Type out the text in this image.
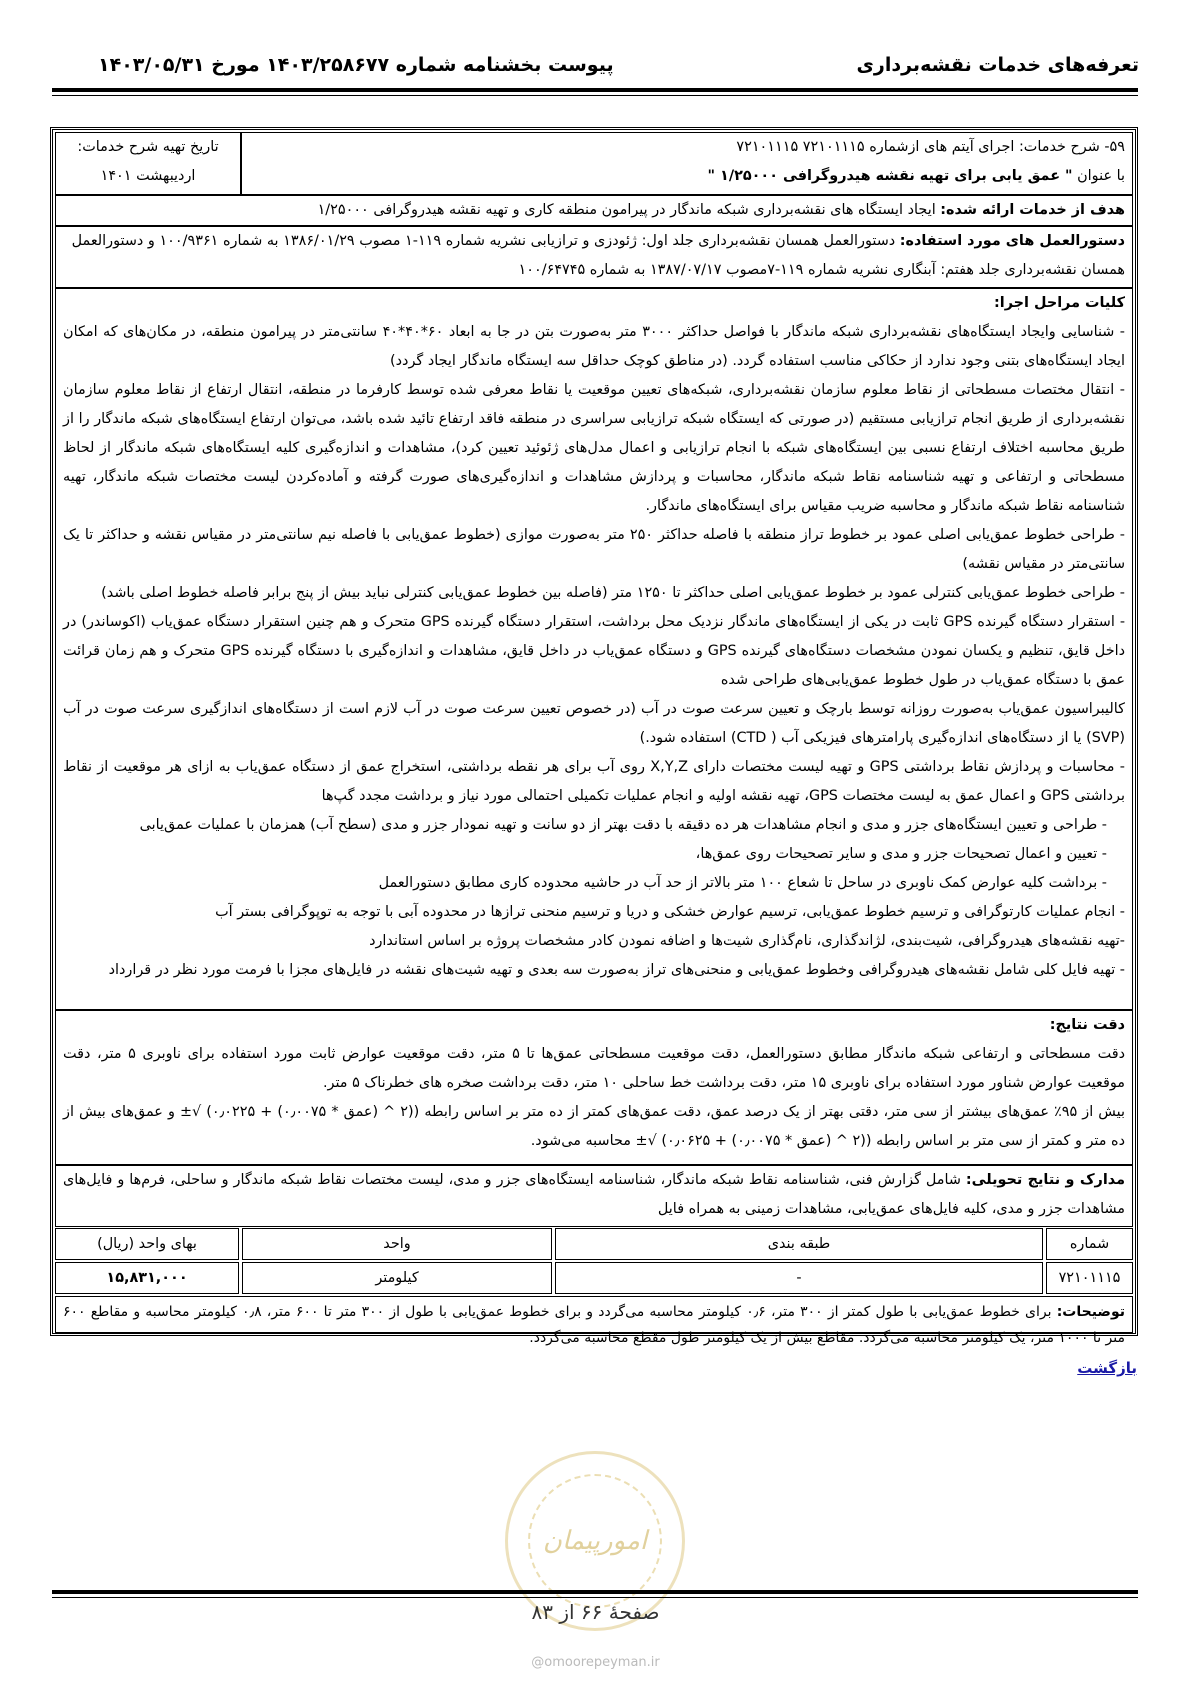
تعرفه‌های خدمات نقشه‌برداری
پیوست بخشنامه شماره ۱۴۰۳/۲۵۸۶۷۷ مورخ ۱۴۰۳/۰۵/۳۱
۵۹- شرح خدمات: اجرای آیتم های ازشماره ۷۲۱۰۱۱۱۵ ۷۲۱۰۱۱۱۵
با عنوان " عمق یابی برای تهیه نقشه هیدروگرافی ۱/۲۵۰۰۰ "
تاریخ تهیه شرح خدمات:
اردیبهشت ۱۴۰۱
هدف از خدمات ارائه شده: ایجاد ایستگاه های نقشه‌برداری شبکه ماندگار در پیرامون منطقه کاری و تهیه نقشه هیدروگرافی ۱/۲۵۰۰۰
دستورالعمل های مورد استفاده: دستورالعمل همسان نقشه‌برداری جلد اول: ژئودزی و ترازیابی نشریه شماره ۱۱۹-۱ مصوب ۱۳۸۶/۰۱/۲۹ به شماره ۱۰۰/۹۳۶۱ و دستورالعمل همسان نقشه‌برداری جلد هفتم: آبنگاری نشریه شماره ۱۱۹-۷مصوب ۱۳۸۷/۰۷/۱۷ به شماره ۱۰۰/۶۴۷۴۵
کلیات مراحل اجرا:
- شناسایی وایجاد ایستگاه‌های نقشه‌برداری شبکه ماندگار با فواصل حداکثر ۳۰۰۰ متر به‌صورت بتن در جا به ابعاد ۶۰*۴۰*۴۰ سانتی‌متر در پیرامون منطقه، در مکان‌های که امکان ایجاد ایستگاه‌های بتنی وجود ندارد از حکاکی مناسب استفاده گردد. (در مناطق کوچک حداقل سه ایستگاه ماندگار ایجاد گردد)
- انتقال مختصات مسطحاتی از نقاط معلوم سازمان نقشه‌برداری، شبکه‌های تعیین موقعیت یا نقاط معرفی شده توسط کارفرما در منطقه، انتقال ارتفاع از نقاط معلوم سازمان نقشه‌برداری از طریق انجام ترازیابی مستقیم (در صورتی که ایستگاه شبکه ترازیابی سراسری در منطقه فاقد ارتفاع تائید شده باشد، می‌توان ارتفاع ایستگاه‌های شبکه ماندگار را از طریق محاسبه اختلاف ارتفاع نسبی بین ایستگاه‌های شبکه با انجام ترازیابی و اعمال مدل‌های ژئوئید تعیین کرد)، مشاهدات و اندازه‌گیری کلیه ایستگاه‌های شبکه ماندگار از لحاظ مسطحاتی و ارتفاعی و تهیه شناسنامه نقاط شبکه ماندگار، محاسبات و پردازش مشاهدات و اندازه‌گیری‌های صورت گرفته و آماده‌کردن لیست مختصات شبکه ماندگار، تهیه شناسنامه نقاط شبکه ماندگار و محاسبه ضریب مقیاس برای ایستگاه‌های ماندگار.
- طراحی خطوط عمق‌یابی اصلی عمود بر خطوط تراز منطقه با فاصله حداکثر ۲۵۰ متر به‌صورت موازی (خطوط عمق‌یابی با فاصله نیم سانتی‌متر در مقیاس نقشه و حداکثر تا یک سانتی‌متر در مقیاس نقشه)
- طراحی خطوط عمق‌یابی کنترلی عمود بر خطوط عمق‌یابی اصلی حداکثر تا ۱۲۵۰ متر (فاصله بین خطوط عمق‌یابی کنترلی نباید بیش از پنج برابر فاصله خطوط اصلی باشد)
- استقرار دستگاه گیرنده GPS ثابت در یکی از ایستگاه‌های ماندگار نزدیک محل برداشت، استقرار دستگاه گیرنده GPS متحرک و هم چنین استقرار دستگاه عمق‌یاب (اکوساندر) در داخل قایق، تنظیم و یکسان نمودن مشخصات دستگاه‌های گیرنده GPS و دستگاه عمق‌یاب در داخل قایق، مشاهدات و اندازه‌گیری با دستگاه گیرنده GPS متحرک و هم زمان قرائت عمق با دستگاه عمق‌یاب در طول خطوط عمق‌یابی‌های طراحی شده
کالیبراسیون عمق‌یاب به‌صورت روزانه توسط بارچک و تعیین سرعت صوت در آب (در خصوص تعیین سرعت صوت در آب لازم است از دستگاه‌های اندازگیری سرعت صوت در آب (SVP) یا از دستگاه‌های اندازه‌گیری پارامترهای فیزیکی آب ( CTD) استفاده شود.)
- محاسبات و پردازش نقاط برداشتی GPS و تهیه لیست مختصات دارای X,Y,Z روی آب برای هر نقطه برداشتی، استخراج عمق از دستگاه عمق‌یاب به ازای هر موقعیت از نقاط برداشتی GPS و اعمال عمق به لیست مختصات GPS، تهیه نقشه اولیه و انجام عملیات تکمیلی احتمالی مورد نیاز و برداشت مجدد گپ‌ها
- طراحی و تعیین ایستگاه‌های جزر و مدی و انجام مشاهدات هر ده دقیقه با دقت بهتر از دو سانت و تهیه نمودار جزر و مدی (سطح آب) همزمان با عملیات عمق‌یابی
- تعیین و اعمال تصحیحات جزر و مدی و سایر تصحیحات روی عمق‌ها،
- برداشت کلیه عوارض کمک ناوبری در ساحل تا شعاع ۱۰۰ متر بالاتر از حد آب در حاشیه محدوده کاری مطابق دستورالعمل
- انجام عملیات کارتوگرافی و ترسیم خطوط عمق‌یابی، ترسیم عوارض خشکی و دریا و ترسیم منحنی ترازها در محدوده آبی با توجه به توپوگرافی بستر آب
-تهیه نقشه‌های هیدروگرافی، شیت‌بندی، لژاندگذاری، نام‌گذاری شیت‌ها و اضافه نمودن کادر مشخصات پروژه بر اساس استاندارد
- تهیه فایل کلی شامل نقشه‌های هیدروگرافی وخطوط عمق‌یابی و منحنی‌های تراز به‌صورت سه بعدی و تهیه شیت‌های نقشه در فایل‌های مجزا با فرمت مورد نظر در قرارداد
دقت نتایج:
دقت مسطحاتی و ارتفاعی شبکه ماندگار مطابق دستورالعمل، دقت موقعیت مسطحاتی عمق‌ها تا ۵ متر، دقت موقعیت عوارض ثابت مورد استفاده برای ناوبری ۵ متر، دقت موقعیت عوارض شناور مورد استفاده برای ناوبری ۱۵ متر، دقت برداشت خط ساحلی ۱۰ متر، دقت برداشت صخره های خطرناک ۵ متر.
بیش از ۹۵٪ عمق‌های بیشتر از سی متر، دقتی بهتر از یک درصد عمق، دقت عمق‌های کمتر از ده متر بر اساس رابطه ((۲ ^ (عمق * ۰٫۰۰۷۵) + ۰٫۰۲۲۵) √± و عمق‌های بیش از ده متر و کمتر از سی متر بر اساس رابطه ((۲ ^ (عمق * ۰٫۰۰۷۵) + ۰٫۰۶۲۵) √± محاسبه می‌شود.
مدارک و نتایج تحویلی: شامل گزارش فنی، شناسنامه نقاط شبکه ماندگار، شناسنامه ایستگاه‌های جزر و مدی، لیست مختصات نقاط شبکه ماندگار و ساحلی، فرم‌ها و فایل‌های مشاهدات جزر و مدی، کلیه فایل‌های عمق‌یابی، مشاهدات زمینی به همراه فایل
شماره
طبقه بندی
واحد
بهای واحد (ریال)
۷۲۱۰۱۱۱۵
-
کیلومتر
۱۵,۸۳۱,۰۰۰
توضیحات: برای خطوط عمق‌یابی با طول کمتر از ۳۰۰ متر، ۰٫۶ کیلومتر محاسبه می‌گردد و برای خطوط عمق‌یابی با طول از ۳۰۰ متر تا ۶۰۰ متر، ۰٫۸ کیلومتر محاسبه و مقاطع ۶۰۰ متر تا ۱۰۰۰ متر، یک کیلومتر محاسبه می‌گردد. مقاطع بیش از یک کیلومتر طول مقطع محاسبه می‌گردد.
بازگشت
امورپیمان
صفحهٔ ۶۶ از ۸۳
@omoorepeyman.ir
